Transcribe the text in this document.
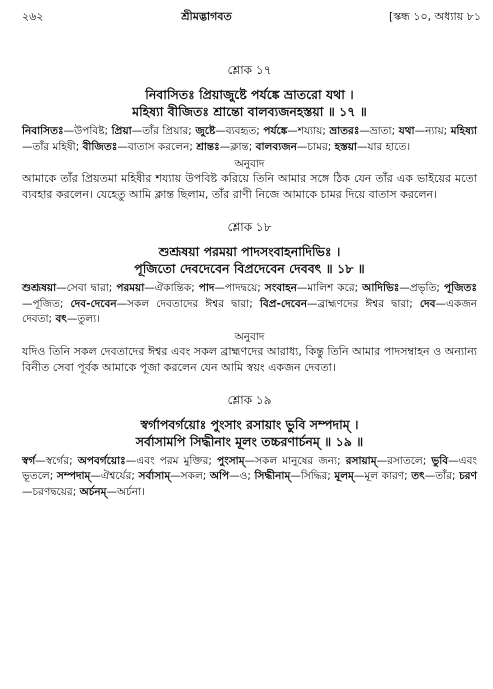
২৬২	শ্রীমদ্ভাগবত	[স্কন্ধ ১০, অধ্যায় ৮১
শ্লোক ১৭
নিবাসিতঃ প্রিয়াজুষ্টে পর্যঙ্কে ভ্রাতরো যথা ।
মহিষ্যা বীজিতঃ শ্রান্তো বালব্যজনহস্তয়া ॥ ১৭ ॥
নিবাসিতঃ—উপবিষ্ট; প্রিয়া—তাঁর প্রিয়ার; জুষ্টে—ব্যবহৃত; পর্যঙ্কে—শয্যায়; ভ্রাতরঃ—ভ্রাতা; যথা—ন্যায়; মহিষ্যা—তাঁর মহিষী; বীজিতঃ—বাতাস করলেন; শ্রান্তঃ—ক্লান্ত; বালব্যজন—চামর; হস্তয়া—যার হাতে।
অনুবাদ
আমাকে তাঁর প্রিয়তমা মহিষীর শয্যায় উপবিষ্ট করিয়ে তিনি আমার সঙ্গে ঠিক যেন তাঁর এক ভাইয়ের মতো ব্যবহার করলেন। যেহেতু আমি ক্লান্ত ছিলাম, তাঁর রাণী নিজে আমাকে চামর দিয়ে বাতাস করলেন।
শ্লোক ১৮
শুশ্রূষয়া পরময়া পাদসংবাহনাদিভিঃ ।
পূজিতো দেবদেবেন বিপ্রদেবেন দেববৎ ॥ ১৮ ॥
শুশ্রূষয়া—সেবা দ্বারা; পরময়া—ঐকান্তিক; পাদ—পাদদ্বয়ে; সংবাহন—মালিশ করে; আদিভিঃ—প্রভৃতি; পূজিতঃ—পূজিত; দেব-দেবেন—সকল দেবতাদের ঈশ্বর দ্বারা; বিপ্র-দেবেন—ব্রাহ্মণদের ঈশ্বর দ্বারা; দেব—একজন দেবতা; বৎ—তুল্য।
অনুবাদ
যদিও তিনি সকল দেবতাদের ঈশ্বর এবং সকল ব্রাহ্মণদের আরাধ্য, কিন্তু তিনি আমার পাদসম্বাহন ও অন্যান্য বিনীত সেবা পূর্বক আমাকে পূজা করলেন যেন আমি স্বয়ং একজন দেবতা।
শ্লোক ১৯
স্বর্গাপবর্গয়োঃ পুংসাং রসায়াং ভুবি সম্পদাম্ ।
সর্বাসামপি সিদ্ধীনাং মূলং তচ্চরণার্চনম্ ॥ ১৯ ॥
স্বর্গ—স্বর্গের; অপবর্গয়োঃ—এবং পরম মুক্তির; পুংসাম্—সকল মানুষের জন্য; রসায়াম্—রসাতলে; ভুবি—এবং ভূতলে; সম্পদাম্—ঐশ্বর্যের; সর্বাসাম্—সকল; অপি—ও; সিদ্ধীনাম্—সিদ্ধির; মূলম্—মূল কারণ; তৎ—তাঁর; চরণ—চরণদ্বয়ের; অর্চনম্—অর্চনা।
